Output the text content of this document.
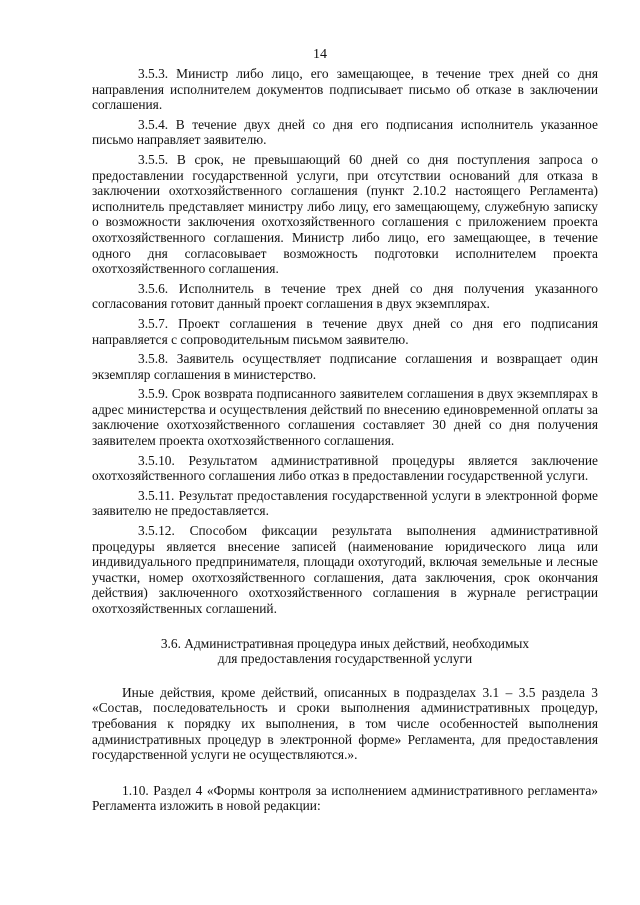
14

3.5.3. Министр либо лицо, его замещающее, в течение трех дней со дня направления исполнителем документов подписывает письмо об отказе в заключении соглашения.

3.5.4. В течение двух дней со дня его подписания исполнитель указанное письмо направляет заявителю.

3.5.5. В срок, не превышающий 60 дней со дня поступления запроса о предоставлении государственной услуги, при отсутствии оснований для отказа в заключении охотхозяйственного соглашения (пункт 2.10.2 настоящего Регламента) исполнитель представляет министру либо лицу, его замещающему, служебную записку о возможности заключения охотхозяйственного соглашения с приложением проекта охотхозяйственного соглашения. Министр либо лицо, его замещающее, в течение одного дня согласовывает возможность подготовки исполнителем проекта охотхозяйственного соглашения.

3.5.6. Исполнитель в течение трех дней со дня получения указанного согласования готовит данный проект соглашения в двух экземплярах.

3.5.7. Проект соглашения в течение двух дней со дня его подписания направляется с сопроводительным письмом заявителю.

3.5.8. Заявитель осуществляет подписание соглашения и возвращает один экземпляр соглашения в министерство.

3.5.9. Срок возврата подписанного заявителем соглашения в двух экземплярах в адрес министерства и осуществления действий по внесению единовременной оплаты за заключение охотхозяйственного соглашения составляет 30 дней со дня получения заявителем проекта охотхозяйственного соглашения.

3.5.10. Результатом административной процедуры является заключение охотхозяйственного соглашения либо отказ в предоставлении государственной услуги.

3.5.11. Результат предоставления государственной услуги в электронной форме заявителю не предоставляется.

3.5.12. Способом фиксации результата выполнения административной процедуры является внесение записей (наименование юридического лица или индивидуального предпринимателя, площади охотугодий, включая земельные и лесные участки, номер охотхозяйственного соглашения, дата заключения, срок окончания действия) заключенного охотхозяйственного соглашения в журнале регистрации охотхозяйственных соглашений.

3.6. Административная процедура иных действий, необходимых
для предоставления государственной услуги

Иные действия, кроме действий, описанных в подразделах 3.1 – 3.5 раздела 3 «Состав, последовательность и сроки выполнения административных процедур, требования к порядку их выполнения, в том числе особенностей выполнения административных процедур в электронной форме» Регламента, для предоставления государственной услуги не осуществляются.».

1.10. Раздел 4 «Формы контроля за исполнением административного регламента» Регламента изложить в новой редакции:
